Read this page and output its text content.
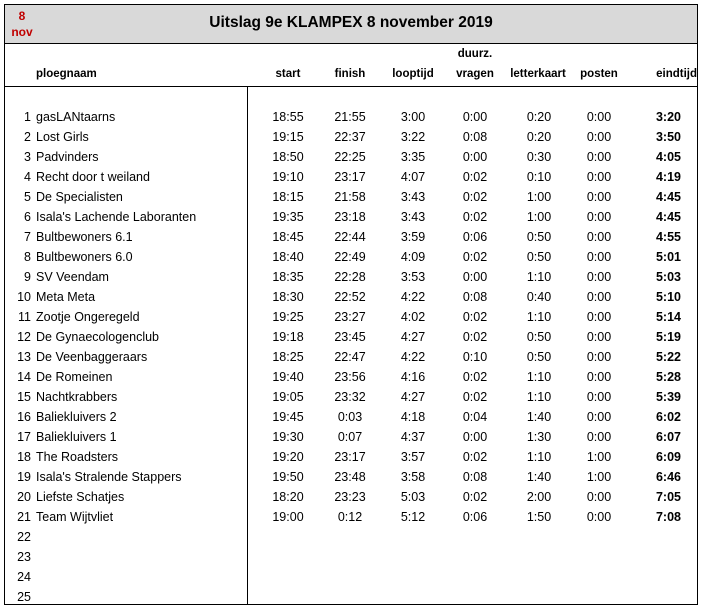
8
nov
Uitslag 9e KLAMPEX 8 november 2019
ploegnaam	start	finish	looptijd
duurz.
vragen	letterkaart	posten	eindtijd
1 gasLANtaarns	18:55	21:55	3:00	0:00	0:20	0:00	3:20
2 Lost Girls	19:15	22:37	3:22	0:08	0:20	0:00	3:50
3 Padvinders	18:50	22:25	3:35	0:00	0:30	0:00	4:05
4 Recht door t weiland	19:10	23:17	4:07	0:02	0:10	0:00	4:19
5 De Specialisten	18:15	21:58	3:43	0:02	1:00	0:00	4:45
6 Isala's Lachende Laboranten	19:35	23:18	3:43	0:02	1:00	0:00	4:45
7 Bultbewoners 6.1	18:45	22:44	3:59	0:06	0:50	0:00	4:55
8 Bultbewoners 6.0	18:40	22:49	4:09	0:02	0:50	0:00	5:01
9 SV Veendam	18:35	22:28	3:53	0:00	1:10	0:00	5:03
10 Meta Meta	18:30	22:52	4:22	0:08	0:40	0:00	5:10
11 Zootje Ongeregeld	19:25	23:27	4:02	0:02	1:10	0:00	5:14
12 De Gynaecologenclub	19:18	23:45	4:27	0:02	0:50	0:00	5:19
13 De Veenbaggeraars	18:25	22:47	4:22	0:10	0:50	0:00	5:22
14 De Romeinen	19:40	23:56	4:16	0:02	1:10	0:00	5:28
15 Nachtkrabbers	19:05	23:32	4:27	0:02	1:10	0:00	5:39
16 Baliekluivers 2	19:45	0:03	4:18	0:04	1:40	0:00	6:02
17 Baliekluivers 1	19:30	0:07	4:37	0:00	1:30	0:00	6:07
18 The Roadsters	19:20	23:17	3:57	0:02	1:10	1:00	6:09
19 Isala's Stralende Stappers	19:50	23:48	3:58	0:08	1:40	1:00	6:46
20 Liefste Schatjes	18:20	23:23	5:03	0:02	2:00	0:00	7:05
21 Team Wijtvliet	19:00	0:12	5:12	0:06	1:50	0:00	7:08
22
23
24
25
